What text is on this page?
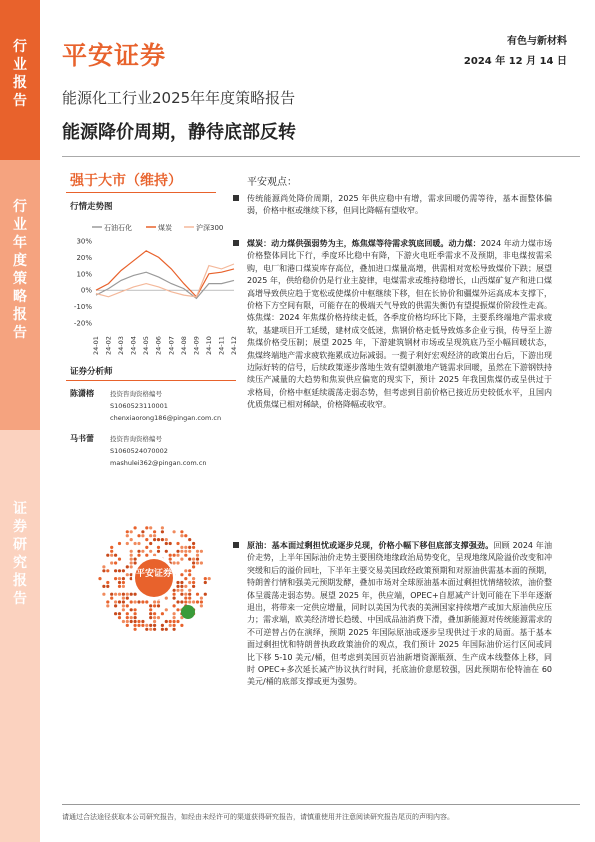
行业报告
行业年度策略报告
证券研究报告
平安证券	有色与新材料
2024 年 12 月 14 日
能源化工行业2025年年度策略报告
能源降价周期，静待底部反转
强于大市（维持）
行情走势图
石油石化	煤炭	沪深300
30%
20%
10%
0%
-10%
-20%
24-01 24-02 24-03 24-04 24-05 24-06 24-07 24-08 24-09 24-10 24-11 24-12
证券分析师
陈潇榕	投资咨询资格编号
S1060523110001
chenxiaorong186@pingan.com.cn
马书蕾	投资咨询资格编号
S1060524070002
mashulei362@pingan.com.cn
平安证券
平安观点：
传统能源尚处降价周期，2025 年供应稳中有增，需求回暖仍需等待，基本面整体偏弱，价格中枢或继续下移，但同比降幅有望收窄。
煤炭：动力煤供强弱势为主，炼焦煤等待需求筑底回暖。动力煤：2024 年动力煤市场价格整体同比下行，季度环比稳中有降，下游火电旺季需求不及预期，非电煤按需采购，电厂和港口煤炭库存高位，叠加进口煤量高增，供需相对宽松导致煤价下跌；展望 2025 年，供给稳价仍是行业主旋律，电煤需求或维持稳增长，山西煤矿复产和进口煤高增导致供应趋于宽松或使煤价中枢继续下移，但在长协价和疆煤外运高成本支撑下，价格下方空间有限，可能存在的极端天气导致的供需失衡仍有望提振煤价阶段性走高。炼焦煤：2024 年焦煤价格持续走低，各季度价格均环比下降，主要系终端地产需求疲软，基建项目开工延缓，建材成交低迷，焦钢价格走低导致炼多企业亏损，传导至上游焦煤价格受压制；展望 2025 年，下游建筑钢材市场或呈现筑底乃至小幅回暖状态，焦煤终端地产需求疲软拖累成边际减弱。一揽子利好宏观经济的政策出台后，下游出现边际好转的信号，后续政策逐步落地生效有望刺激地产链需求回暖，虽然在下游钢铁持续压产减量的大趋势和焦炭供应偏宽的现实下，预计 2025 年我国焦煤仍或呈供过于求格局，价格中枢延续震荡走弱态势，但考虑到目前价格已接近历史较低水平，且国内优质焦煤已相对稀缺，价格降幅或收窄。
原油：基本面过剩担忧或逐步兑现，价格小幅下移但底部支撑强劲。回顾 2024 年油价走势，上半年国际油价走势主要围绕地缘政治局势变化，呈现地缘风险溢价改变和冲突缓和后的溢价回吐，下半年主要交易美国政经政策预期和对原油供需基本面的预期，特朗普行情和强美元预期发酵，叠加市场对全球原油基本面过剩担忧情绪较浓，油价整体呈震荡走弱态势。展望 2025 年，供应端，OPEC+自愿减产计划可能在下半年逐渐退出，将带来一定供应增量，同时以美国为代表的美洲国家持续增产或加大原油供应压力；需求端，欧美经济增长趋缓、中国成品油消费下滑，叠加新能源对传统能源需求的不可逆替占仍在演绎，预期 2025 年国际原油或逐步呈现供过于求的局面。基于基本面过剩担忧和特朗普执政政策油价的观点，我们预计 2025 年国际油价运行区间或同比下移 5-10 美元/桶，但考虑到美国页岩油新增资源瓶颈、生产成本线整体上移，同时 OPEC+多次延长减产协议执行时间，托底油价意愿较强，因此预期布伦特油在 60 美元/桶的底部支撑或更为强势。
请通过合法途径获取本公司研究报告，如经由未经许可的渠道获得研究报告，请慎重使用并注意阅读研究报告尾页的声明内容。
